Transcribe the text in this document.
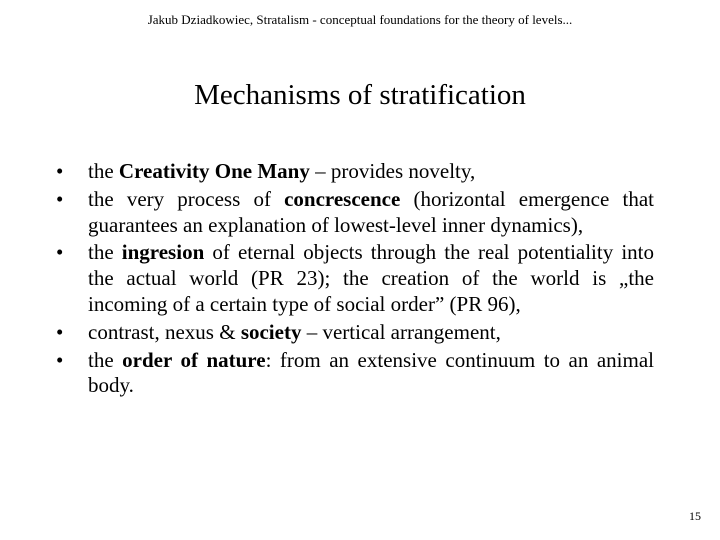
Jakub Dziadkowiec, Stratalism - conceptual foundations for the theory of levels...
Mechanisms of stratification
•	the Creativity One Many – provides novelty,
•	the very process of concrescence (horizontal emergence that guarantees an explanation of lowest-level inner dynamics),
•	the ingresion of eternal objects through the real potentiality into the actual world (PR 23); the creation of the world is „the incoming of a certain type of social order” (PR 96),
•	contrast, nexus & society – vertical arrangement,
•	the order of nature: from an extensive continuum to an animal body.
15
